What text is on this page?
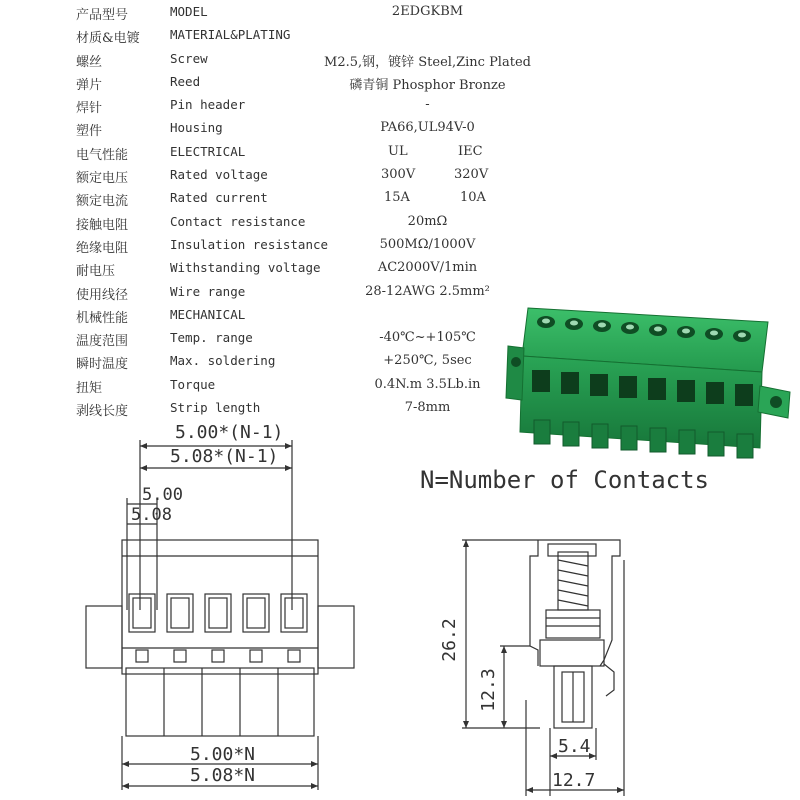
产品型号	MODEL	2EDGKBM
材质&电镀 MATERIAL&PLATING
螺丝	Screw	M2.5,钢，镀锌 Steel,Zinc Plated
弹片	Reed	磷青铜 Phosphor Bronze
焊针	Pin header	-
塑件	Housing	PA66,UL94V-0
电气性能	ELECTRICAL	UL	IEC
额定电压	Rated voltage	300V	320V
额定电流	Rated current	15A	10A
接触电阻	Contact resistance	20mΩ
绝缘电阻	Insulation resistance	500MΩ/1000V
耐电压	Withstanding voltage	AC2000V/1min
使用线径	Wire range	28-12AWG 2.5mm²
机械性能	MECHANICAL
温度范围	Temp. range	-40℃~+105℃
瞬时温度	Max. soldering	+250℃, 5sec
扭矩	Torque	0.4N.m 3.5Lb.in
剥线长度	Strip length	7-8mm
N=Number of Contacts
5.00*(N-1)
5.08*(N-1)
5.00
5.08
5.00*N
5.08*N
26.2
12.3
5.4
12.7
